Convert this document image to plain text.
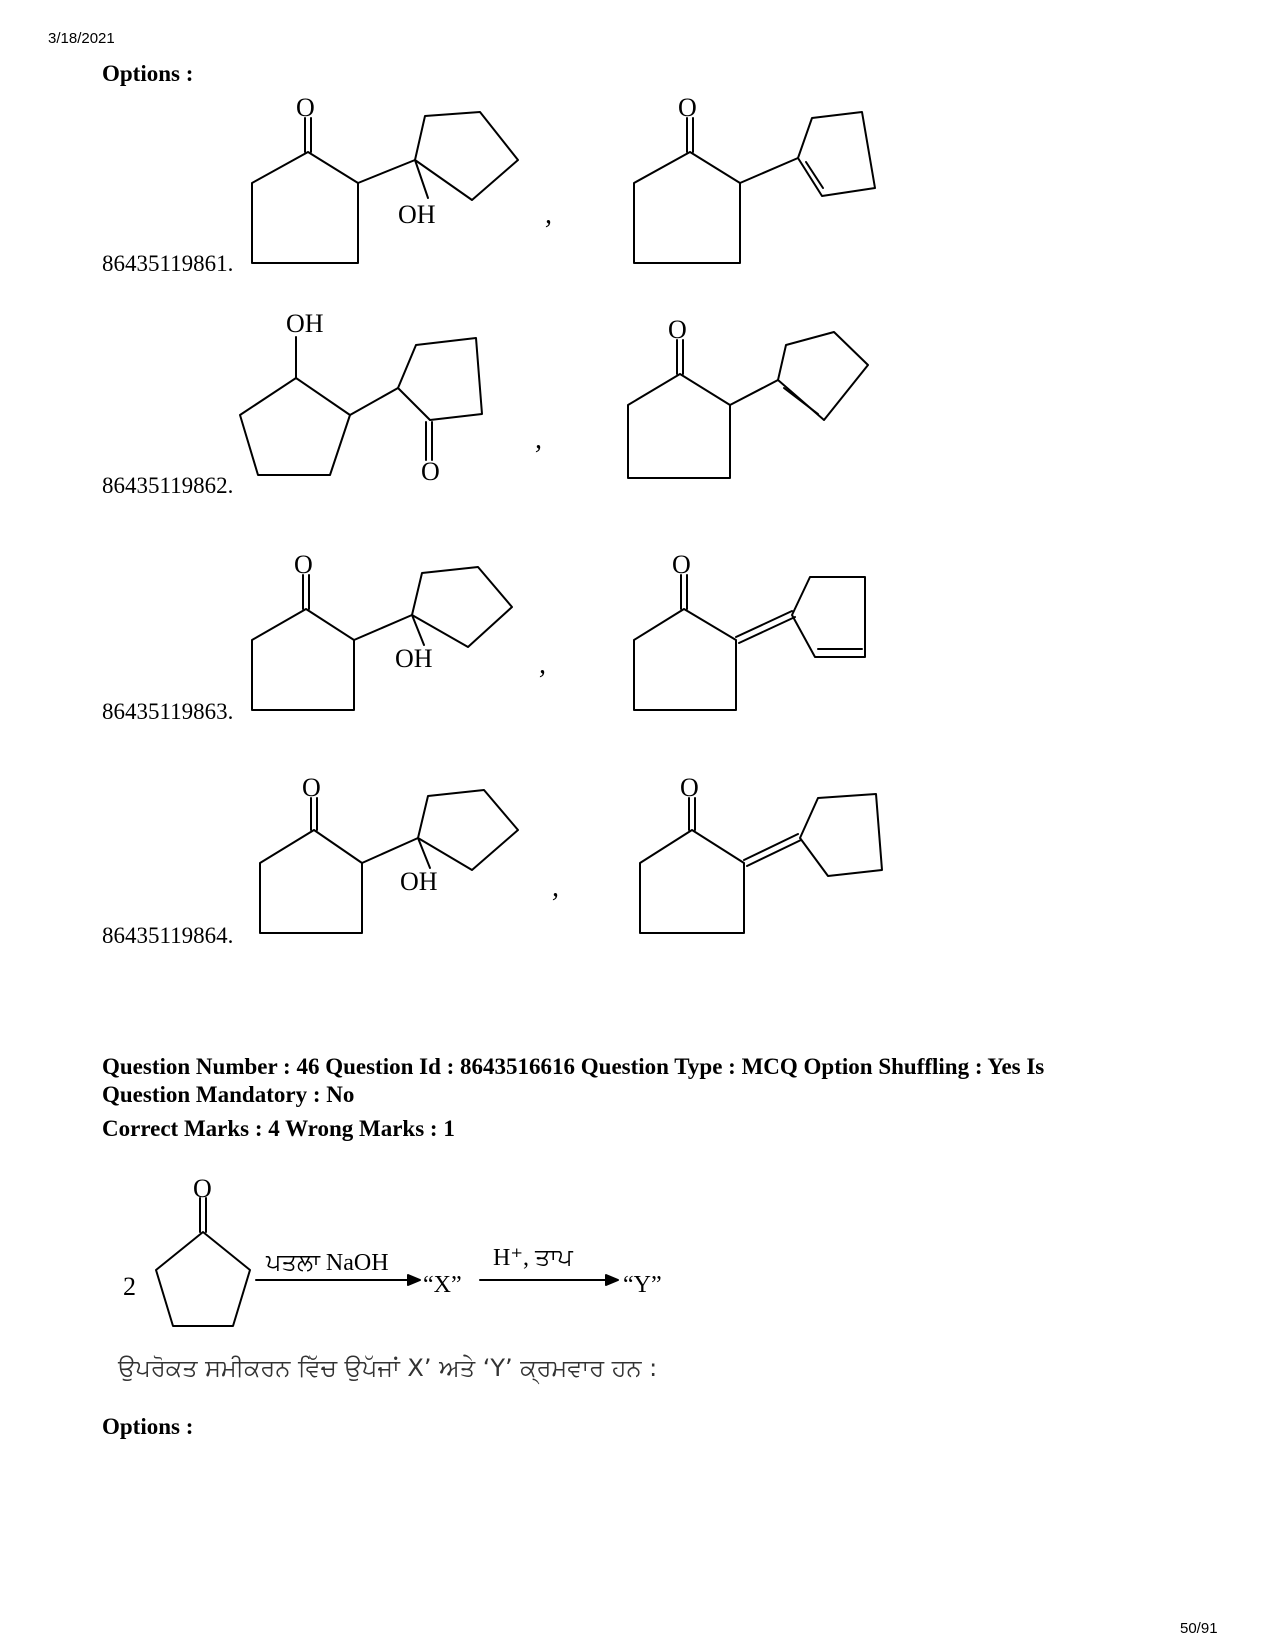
3/18/2021
Options :
O
OH	,
O
86435119861.
OH
O
,
O
86435119862.
O
OH	,
O
86435119863.
O
OH	,
O
86435119864.
Question Number : 46 Question Id : 8643516616 Question Type : MCQ Option Shuffling : Yes Is
Question Mandatory : No
Correct Marks : 4 Wrong Marks : 1
2
O
ਪਤਲਾ NaOH
“X”
H⁺, ਤਾਪ
“Y”
ਉਪਰੋਕਤ ਸਮੀਕਰਨ ਵਿੱਚ ਉਪੱਜਾਂ X’ ਅਤੇ ‘Y’ ਕ੍ਰਮਵਾਰ ਹਨ :
Options :
50/91
